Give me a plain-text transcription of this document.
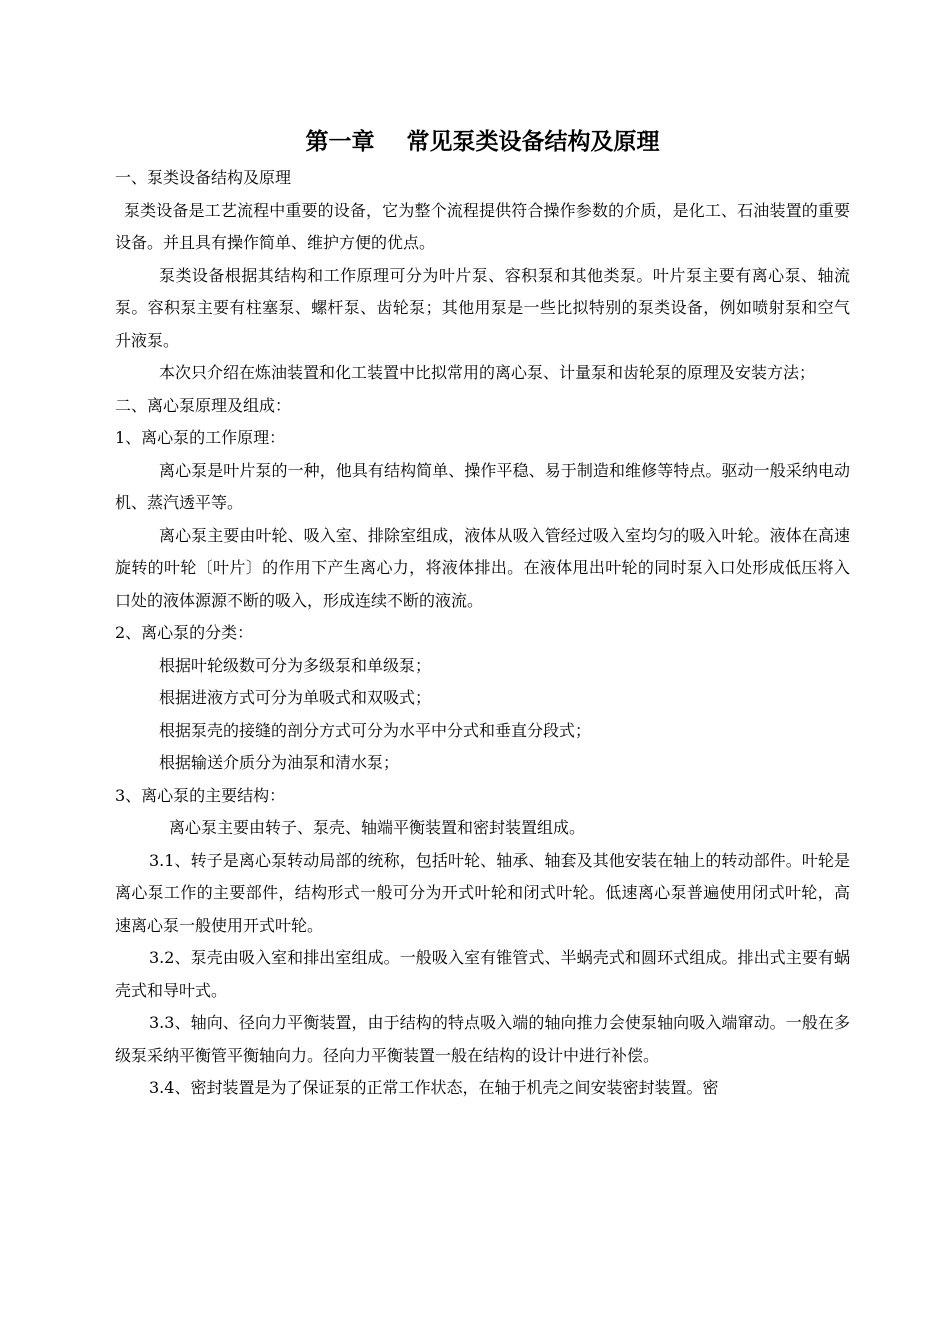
第一章    常见泵类设备结构及原理

一、泵类设备结构及原理

泵类设备是工艺流程中重要的设备，它为整个流程提供符合操作参数的介质，是化工、石油装置的重要设备。并且具有操作简单、维护方便的优点。

泵类设备根据其结构和工作原理可分为叶片泵、容积泵和其他类泵。叶片泵主要有离心泵、轴流泵。容积泵主要有柱塞泵、螺杆泵、齿轮泵；其他用泵是一些比拟特别的泵类设备，例如喷射泵和空气升液泵。

本次只介绍在炼油装置和化工装置中比拟常用的离心泵、计量泵和齿轮泵的原理及安装方法；

二、离心泵原理及组成：

1、离心泵的工作原理：

离心泵是叶片泵的一种，他具有结构简单、操作平稳、易于制造和维修等特点。驱动一般采纳电动机、蒸汽透平等。

离心泵主要由叶轮、吸入室、排除室组成，液体从吸入管经过吸入室均匀的吸入叶轮。液体在高速旋转的叶轮〔叶片〕的作用下产生离心力，将液体排出。在液体甩出叶轮的同时泵入口处形成低压将入口处的液体源源不断的吸入，形成连续不断的液流。

2、离心泵的分类：

根据叶轮级数可分为多级泵和单级泵；

根据进液方式可分为单吸式和双吸式；

根据泵壳的接缝的剖分方式可分为水平中分式和垂直分段式；

根据输送介质分为油泵和清水泵；

3、离心泵的主要结构：

离心泵主要由转子、泵壳、轴端平衡装置和密封装置组成。

3.1、转子是离心泵转动局部的统称，包括叶轮、轴承、轴套及其他安装在轴上的转动部件。叶轮是离心泵工作的主要部件，结构形式一般可分为开式叶轮和闭式叶轮。低速离心泵普遍使用闭式叶轮，高速离心泵一般使用开式叶轮。

3.2、泵壳由吸入室和排出室组成。一般吸入室有锥管式、半蜗壳式和圆环式组成。排出式主要有蜗壳式和导叶式。

3.3、轴向、径向力平衡装置，由于结构的特点吸入端的轴向推力会使泵轴向吸入端窜动。一般在多级泵采纳平衡管平衡轴向力。径向力平衡装置一般在结构的设计中进行补偿。

3.4、密封装置是为了保证泵的正常工作状态，在轴于机壳之间安装密封装置。密
